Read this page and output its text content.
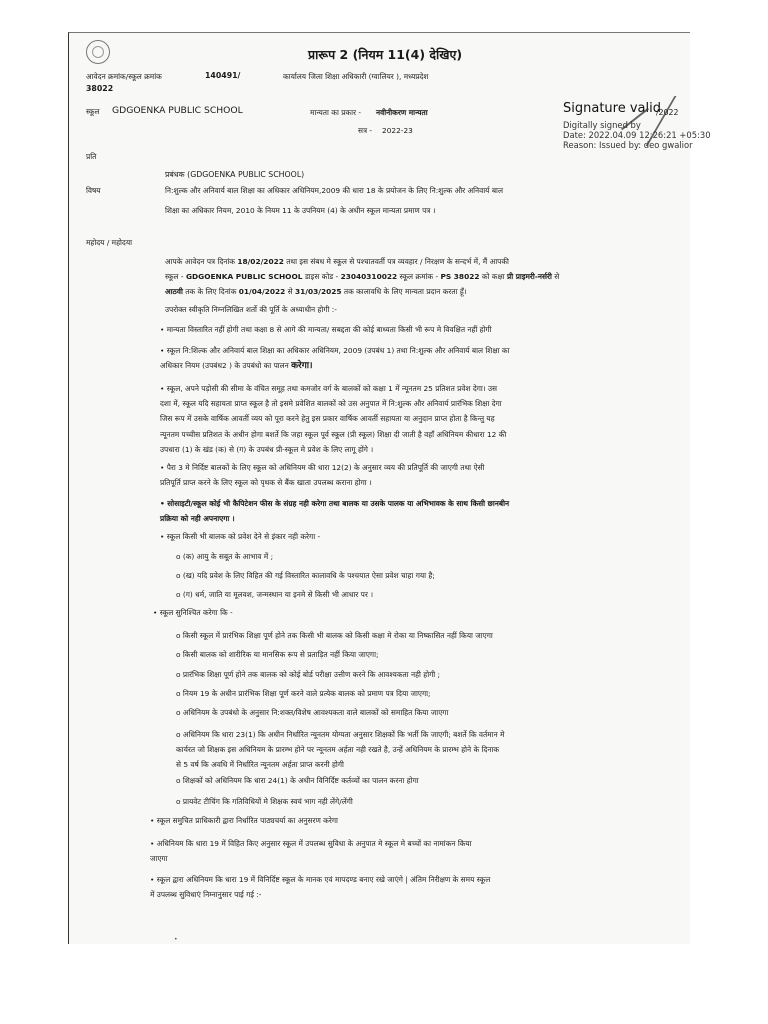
प्रारूप 2 (नियम 11(4) देखिए)
आवेदन क्रमांक/स्कूल क्रमांक	140491/	कार्यालय जिला शिक्षा अधिकारी (ग्वालियर ), मध्यप्रदेश
38022
स्कूल GDGOENKA PUBLIC SCHOOL	मान्यता का प्रकार - नवीनीकरण मान्यता
सत्र - 2022-23
/2022
Signature valid
Digitally signed by
Date: 2022.04.09 12:26:21 +05:30
Reason: Issued by: deo gwalior
प्रति
प्रबंधक (GDGOENKA PUBLIC SCHOOL)
विषय	नि:शुल्क और अनिवार्य बाल शिक्षा का अधिकार अधिनियम,2009 की धारा 18 के प्रयोजन के लिए नि:शुल्क और अनिवार्य बाल
शिक्षा का अधिकार नियम, 2010 के नियम 11 के उपनियम (4) के अधीन स्कूल मान्यता प्रमाण पत्र ।
महोदय / महोदया
आपके आवेदन पत्र दिनांक 18/02/2022 तथा इस संबध मे स्कूल से पश्चातवर्ती पत्र व्यवहार / निरक्षण के सन्दर्भ में, मैं आपकी
स्कूल - GDGOENKA PUBLIC SCHOOL डाइस कोड - 23040310022 स्कूल क्रमांक - PS 38022 को कक्षा प्री प्राइमरी-नर्सरी से
आठवी तक के लिए दिनांक 01/04/2022 से 31/03/2025 तक कालावधि के लिए मान्यता प्रदान करता हूँ।
उपरोक्त स्वीकृति निम्नलिखित शर्तो की पूर्ति के अध्याधीन होगी :-
• मान्यता विस्तारित नहीं होगी तथा कक्षा 8 से आगे की मान्यता/ सबद्दता की कोई बाध्यता किसी भी रूप मे विवक्षित नहीं होगी
• स्कूल नि:शिल्क और अनिवार्य बाल शिक्षा का अधिकार अधिनियम, 2009 (उपबंध 1) तथा नि:शुल्क और अनिवार्य बाल शिक्षा का
अधिकार नियम (उपबंध2 ) के उपबंधो का पालन करेगा।
• स्कूल, अपने पड़ोसी की सीमा के वंचित समूह तथा कमजोर वर्ग के बालकों को कक्षा 1 में न्यूनतम 25 प्रतिशत प्रवेश देगा। उस
दशा में, स्कूल यदि सहायता प्राप्त स्कूल है तो इसमे प्रवेशित बालकों को उस अनुपात में नि:शुल्क और अनिवार्य प्रारंभिक शिक्षा देगा
जिस रूप में उसके वार्षिक आवर्ती व्यय को पूरा करने हेतु इस प्रकार वार्षिक आवर्ती सहायता या अनुदान प्राप्त होता है किन्तु यह
न्यूनतम पच्चीस प्रतिशत के अधीन होगा बशर्ते कि जहा स्कूल पूर्व स्कूल (प्री स्कूल) शिक्षा दी जाती है वहाँ अधिनियम कीधारा 12 की
उपधारा (1) के खंड (क) से (ग) के उपबंध प्री-स्कूल मे प्रवेश के लिए लागू होंगे ।
• पैरा 3 मे निर्दिष्ट बालकों के लिए स्कूल को अधिनियम की धारा 12(2) के अनुसार व्यय की प्रतिपूर्ति की जाएगी तथा ऐसी
प्रतिपूर्ति प्राप्त करने के लिए स्कूल को पृथक से बैंक खाता उपलब्ध कराना होगा ।
• सोसाइटी/स्कूल कोई भी कैपिटेशन फीस के संग्रह नही करेगा तथा बालक या उसके पालक या अभिभावक के साथ किसी छानबीन
प्रक्रिया को नही अपनाएगा ।
• स्कूल किसी भी बालक को प्रवेश देने से इंकार नही करेगा -
o (क) आयु के सबूत के आभाव में ;
o (ख) यदि प्रवेश के लिए विहित की गई विस्तारित कालावधि के पश्चयात ऐसा प्रवेश चाहा गया है;
o (ग) धर्म, जाति या मूलवश, जन्मस्थान या इनमे से किसी भी आधार पर ।
• स्कूल सुनिश्चित करेगा कि -
o किसी स्कूल में प्रारंभिक शिक्षा पूर्ण होने तक किसी भी बालक को किसी कक्षा मे रोका या निष्कासित नहीं किया जाएगा
o किसी बालक को शारीरिक या मानसिक रूप से प्रताड़ित नहीं किया जाएगा;
o प्रारंभिक शिक्षा पूर्ण होने तक बालक को कोई बोर्ड परीक्षा उत्तीण करने कि आवश्यकता नही होगी ;
o नियम 19 के अधीन प्रारंभिक शिक्षा पूर्ण करने वाले प्रत्येक बालक को प्रमाण पत्र दिया जाएगा;
o अधिनियम के उपबंधो के अनुसार नि:शक्त/विशेष आवश्यकता वाले बालकों को समाहित किया जाएगा
o अधिनियम कि धारा 23(1) कि अधीन निर्धारित न्यूनतम योग्यता अनुसार शिक्षकों कि भर्ती कि जाएगी; बशर्ते कि वर्तमान मे
कार्यरत जो शिक्षक इस अधिनियम के प्रारम्भ होने पर न्यूनतम अर्हता नही रखते है, उन्हें अधिनियम के प्रारम्भ होने के दिनाक
से 5 वर्ष कि अवधि में निर्धारित न्यूनतम अर्हता प्राप्त करनी होगी
o शिक्षकों को अधिनियम कि धारा 24(1) के अधीन विनिर्दिष्ट कर्तव्यों का पालन करना होगा
o प्रायवेट टीचिंग कि गतिविधियों मे शिक्षक स्वयं भाग नही लेंगे/लेंगी
• स्कूल समुचित प्राधिकारी द्वारा निर्धारित पाठ्यचर्या का अनुसरण करेगा
• अधिनियम कि धारा 19 में विहित किए अनुसार स्कूल में उपलब्ध सुविधा के अनुपात मे स्कूल मे बच्चों का नामांकन किया
जाएगा
• स्कूल द्वारा अधिनियम कि धारा 19 में विनिर्दिष्ट स्कूल के मानक एवं मापदण्ड बनाए रखे जाएंगे | अंतिम निरीक्षण के समय स्कूल
में उपलब्ध सुविधाएं निम्नानुसार पाई गई :-
•
